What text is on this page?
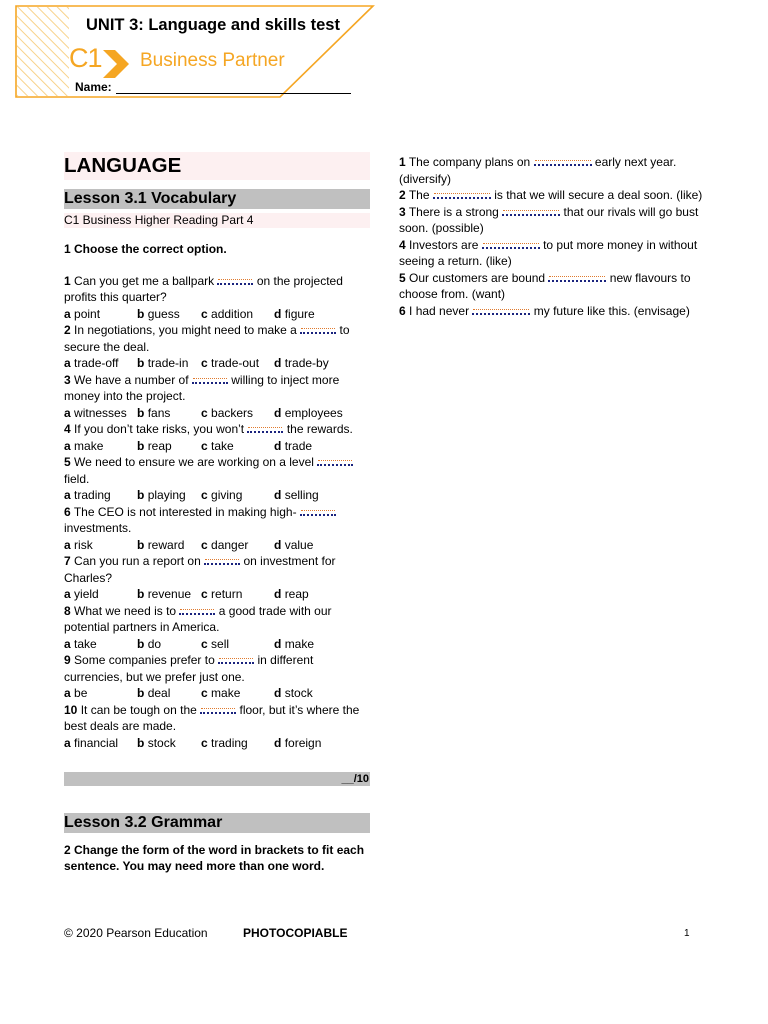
UNIT 3: Language and skills test
C1 Business Partner
Name:
LANGUAGE
Lesson 3.1 Vocabulary
C1 Business Higher Reading Part 4
1 Choose the correct option.
1 Can you get me a ballpark	on the projected profits this quarter?
a point	b guess	c addition	d figure
2 In negotiations, you might need to make a	to secure the deal.
a trade-off	b trade-in	c trade-out	d trade-by
3 We have a number of	willing to inject more money into the project.
a witnesses b fans	c backers	d employees
4 If you don’t take risks, you won’t	the rewards.
a make	b reap	c take	d trade
5 We need to ensure we are working on a level  field.
a trading	b playing	c giving	d selling
6 The CEO is not interested in making high-  investments.
a risk	b reward	c danger	d value
7 Can you run a report on	on investment for Charles?
a yield	b revenue c return	d reap
8 What we need is to	a good trade with our potential partners in America.
a take	b do	c sell	d make
9 Some companies prefer to	in different currencies, but we prefer just one.
a be	b deal	c make	d stock
10 It can be tough on the	floor, but it’s where the best deals are made.
a financial	b stock	c trading	d foreign
__/10
Lesson 3.2 Grammar
2 Change the form of the word in brackets to fit each sentence. You may need more than one word.
1 The company plans on	early next year. (diversify)
2 The	is that we will secure a deal soon. (like)
3 There is a strong	that our rivals will go bust soon. (possible)
4 Investors are	to put more money in without seeing a return. (like)
5 Our customers are bound	new flavours to choose from. (want)
6 I had never	my future like this. (envisage)
© 2020 Pearson Education	PHOTOCOPIABLE	1
